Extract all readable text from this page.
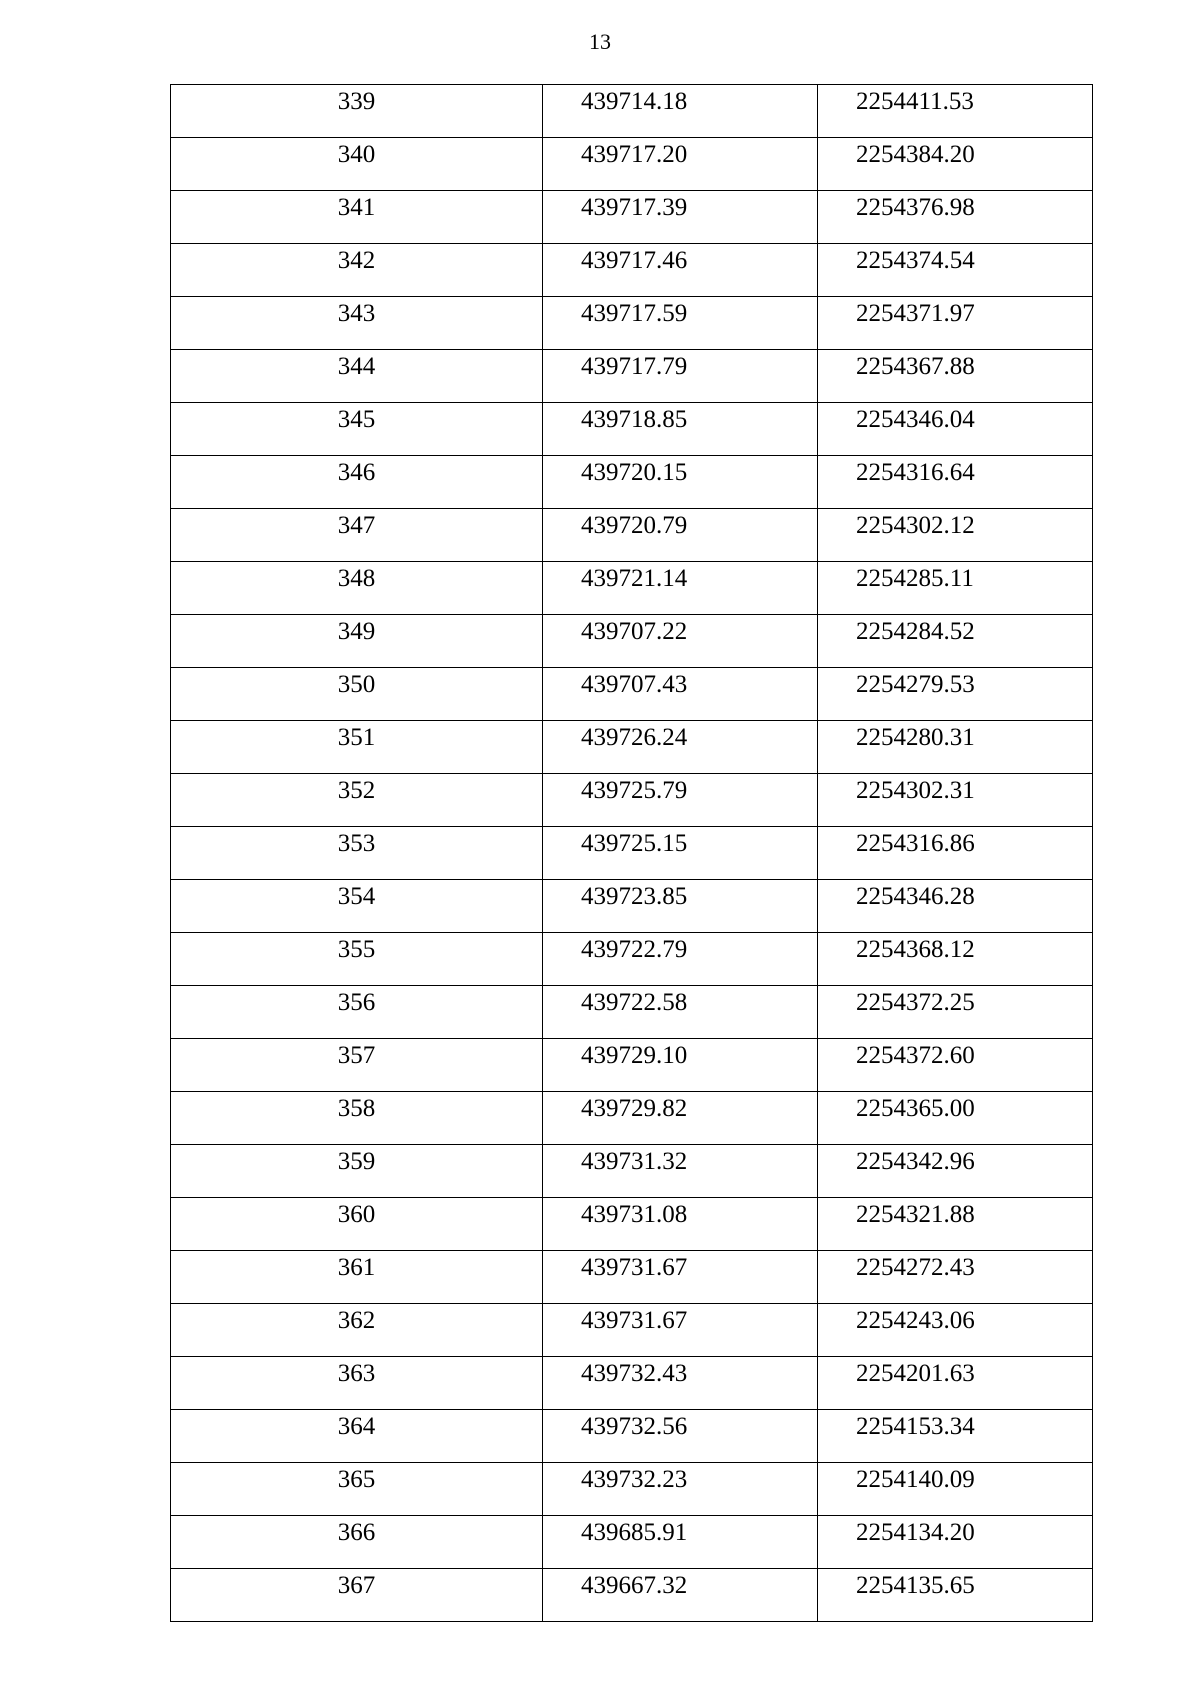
13
339	439714.18	2254411.53
340	439717.20	2254384.20
341	439717.39	2254376.98
342	439717.46	2254374.54
343	439717.59	2254371.97
344	439717.79	2254367.88
345	439718.85	2254346.04
346	439720.15	2254316.64
347	439720.79	2254302.12
348	439721.14	2254285.11
349	439707.22	2254284.52
350	439707.43	2254279.53
351	439726.24	2254280.31
352	439725.79	2254302.31
353	439725.15	2254316.86
354	439723.85	2254346.28
355	439722.79	2254368.12
356	439722.58	2254372.25
357	439729.10	2254372.60
358	439729.82	2254365.00
359	439731.32	2254342.96
360	439731.08	2254321.88
361	439731.67	2254272.43
362	439731.67	2254243.06
363	439732.43	2254201.63
364	439732.56	2254153.34
365	439732.23	2254140.09
366	439685.91	2254134.20
367	439667.32	2254135.65
